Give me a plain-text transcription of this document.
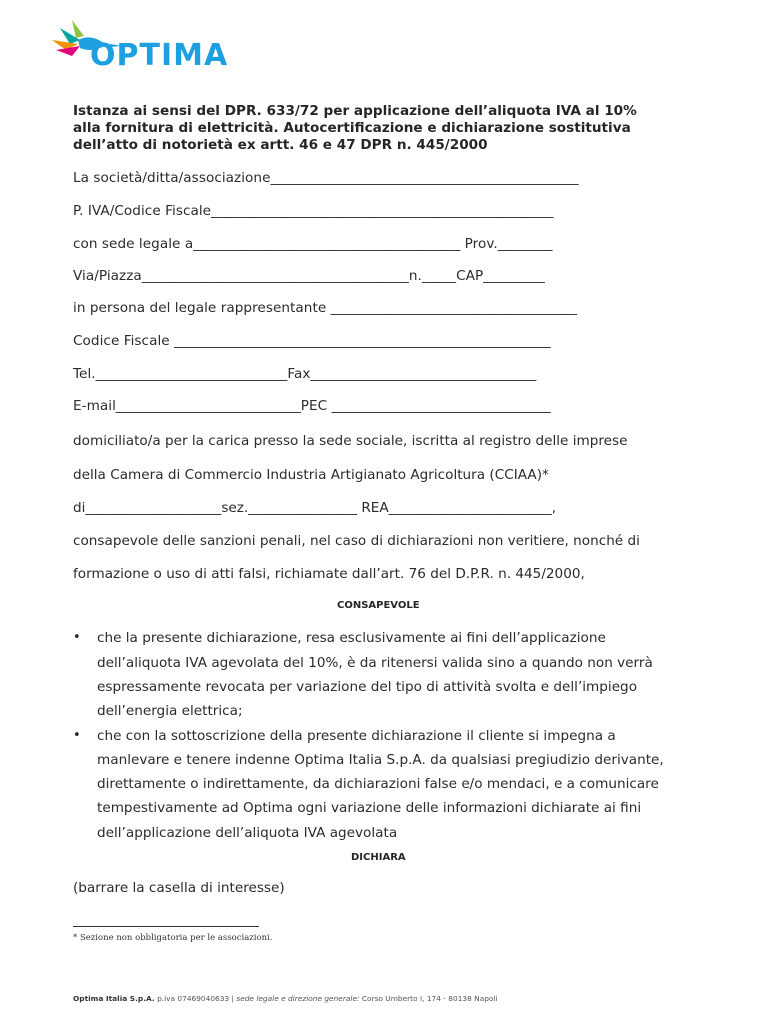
OPTIMA
Istanza ai sensi del DPR. 633/72 per applicazione dell’aliquota IVA al 10%
alla fornitura di elettricità. Autocertificazione e dichiarazione sostitutiva
dell’atto di notorietà ex artt. 46 e 47 DPR n. 445/2000
La società/ditta/associazione_____________________________________________
P. IVA/Codice Fiscale__________________________________________________
con sede legale a_______________________________________ Prov.________
Via/Piazza_______________________________________n._____CAP_________
in persona del legale rappresentante ____________________________________
Codice Fiscale _______________________________________________________
Tel.____________________________Fax_________________________________
E-mail___________________________PEC ________________________________
domiciliato/a per la carica presso la sede sociale, iscritta al registro delle imprese
della Camera di Commercio Industria Artigianato Agricoltura (CCIAA)*
di____________________sez.________________ REA________________________,
consapevole delle sanzioni penali, nel caso di dichiarazioni non veritiere, nonché di
formazione o uso di atti falsi, richiamate dall’art. 76 del D.P.R. n. 445/2000,
CONSAPEVOLE
• che la presente dichiarazione, resa esclusivamente ai fini dell’applicazione
dell’aliquota IVA agevolata del 10%, è da ritenersi valida sino a quando non verrà
espressamente revocata per variazione del tipo di attività svolta e dell’impiego
dell’energia elettrica;
• che con la sottoscrizione della presente dichiarazione il cliente si impegna a
manlevare e tenere indenne Optima Italia S.p.A. da qualsiasi pregiudizio derivante,
direttamente o indirettamente, da dichiarazioni false e/o mendaci, e a comunicare
tempestivamente ad Optima ogni variazione delle informazioni dichiarate ai fini
dell’applicazione dell’aliquota IVA agevolata
DICHIARA
(barrare la casella di interesse)
* Sezione non obbligatoria per le associazioni.
Optima Italia S.p.A. p.iva 07469040633 | sede legale e direzione generale: Corso Umberto I, 174 - 80138 Napoli
